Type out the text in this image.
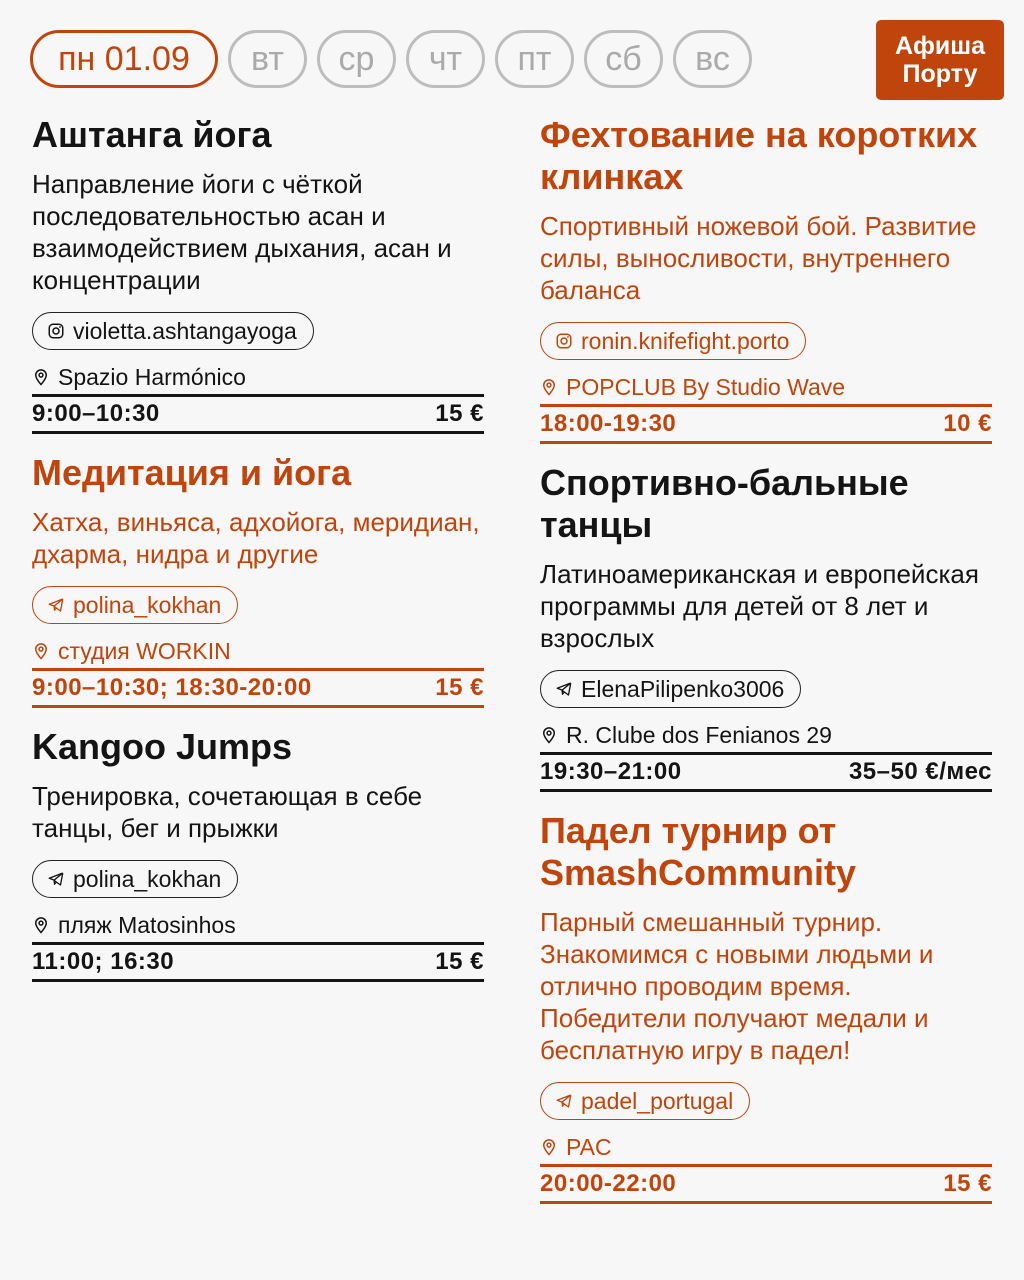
пн 01.09	вт	ср	чт	пт	сб	вс	Афиша
Порту
Аштанга йога
Направление йоги с чёткой последовательностью асан и взаимодействием дыхания, асан и концентрации
violetta.ashtangayoga
Spazio Harmónico
9:00–10:30	15 €
Медитация и йога
Хатха, виньяса, адхойога, меридиан, дхарма, нидра и другие
polina_kokhan
студия WORKIN
9:00–10:30; 18:30-20:00	15 €
Kangoo Jumps
Тренировка, сочетающая в себе танцы, бег и прыжки
polina_kokhan
пляж Matosinhos
11:00; 16:30	15 €
Фехтование на коротких клинках
Спортивный ножевой бой. Развитие силы, выносливости, внутреннего баланса
ronin.knifefight.porto
POPCLUB By Studio Wave
18:00-19:30	10 €
Спортивно-бальные танцы
Латиноамериканская и европейская программы для детей от 8 лет и взрослых
ElenaPilipenko3006
R. Clube dos Fenianos 29
19:30–21:00	35–50 €/мес
Падел турнир от SmashCommunity
Парный смешанный турнир. Знакомимся с новыми людьми и отлично проводим время. Победители получают медали и бесплатную игру в падел!
padel_portugal
PAC
20:00-22:00	15 €
